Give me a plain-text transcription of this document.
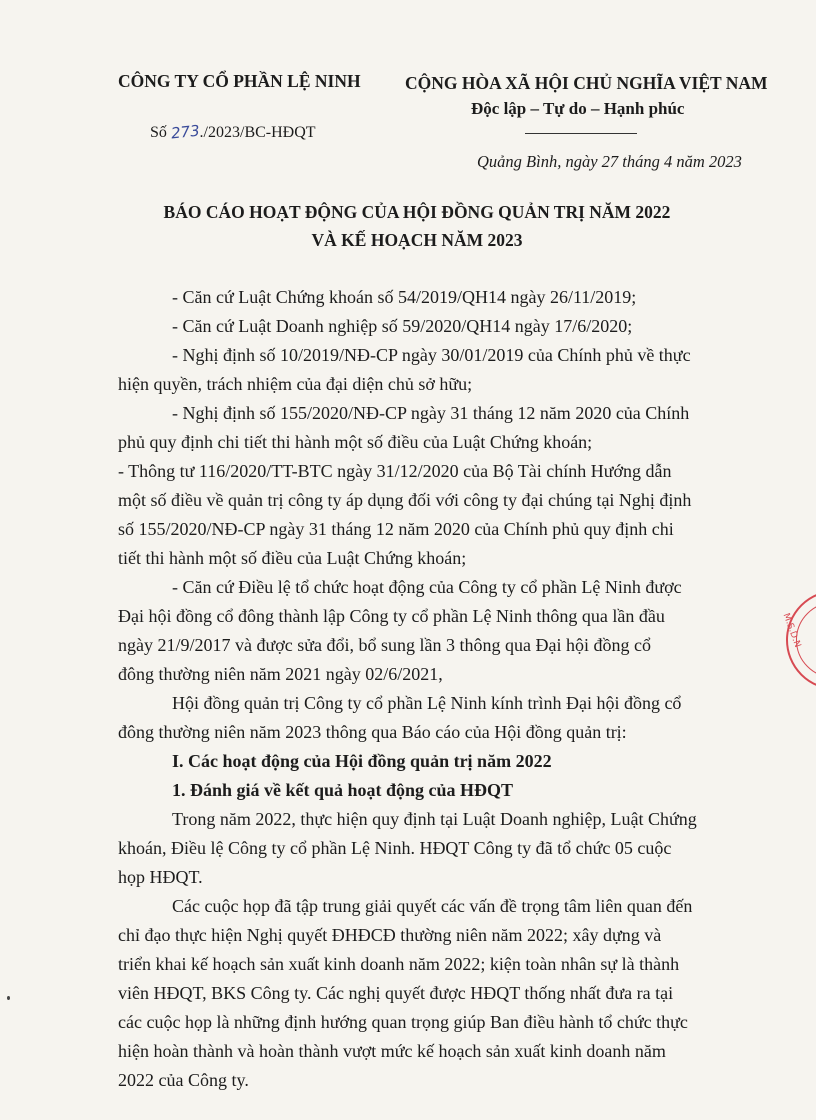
CÔNG TY CỔ PHẦN LỆ NINH	CỘNG HÒA XÃ HỘI CHỦ NGHĨA VIỆT NAM
Độc lập – Tự do – Hạnh phúc
Số 273./2023/BC-HĐQT
Quảng Bình, ngày 27 tháng 4 năm 2023
BÁO CÁO HOẠT ĐỘNG CỦA HỘI ĐỒNG QUẢN TRỊ NĂM 2022
VÀ KẾ HOẠCH NĂM 2023
- Căn cứ Luật Chứng khoán số 54/2019/QH14 ngày 26/11/2019;
- Căn cứ Luật Doanh nghiệp số 59/2020/QH14 ngày 17/6/2020;
- Nghị định số 10/2019/NĐ-CP ngày 30/01/2019 của Chính phủ về thực
hiện quyền, trách nhiệm của đại diện chủ sở hữu;
- Nghị định số 155/2020/NĐ-CP ngày 31 tháng 12 năm 2020 của Chính
phủ quy định chi tiết thi hành một số điều của Luật Chứng khoán;
- Thông tư 116/2020/TT-BTC ngày 31/12/2020 của Bộ Tài chính Hướng dẫn
một số điều về quản trị công ty áp dụng đối với công ty đại chúng tại Nghị định
số 155/2020/NĐ-CP ngày 31 tháng 12 năm 2020 của Chính phủ quy định chi
tiết thi hành một số điều của Luật Chứng khoán;
- Căn cứ Điều lệ tổ chức hoạt động của Công ty cổ phần Lệ Ninh được
Đại hội đồng cổ đông thành lập Công ty cổ phần Lệ Ninh thông qua lần đầu
ngày 21/9/2017 và được sửa đổi, bổ sung lần 3 thông qua Đại hội đồng cổ
đông thường niên năm 2021 ngày 02/6/2021,
Hội đồng quản trị Công ty cổ phần Lệ Ninh kính trình Đại hội đồng cổ
đông thường niên năm 2023 thông qua Báo cáo của Hội đồng quản trị:
I. Các hoạt động của Hội đồng quản trị năm 2022
1. Đánh giá về kết quả hoạt động của HĐQT
Trong năm 2022, thực hiện quy định tại Luật Doanh nghiệp, Luật Chứng
khoán, Điều lệ Công ty cổ phần Lệ Ninh. HĐQT Công ty đã tổ chức 05 cuộc
họp HĐQT.
Các cuộc họp đã tập trung giải quyết các vấn đề trọng tâm liên quan đến
chỉ đạo thực hiện Nghị quyết ĐHĐCĐ thường niên năm 2022; xây dựng và
triển khai kế hoạch sản xuất kinh doanh năm 2022; kiện toàn nhân sự là thành
viên HĐQT, BKS Công ty. Các nghị quyết được HĐQT thống nhất đưa ra tại
các cuộc họp là những định hướng quan trọng giúp Ban điều hành tổ chức thực
hiện hoàn thành và hoàn thành vượt mức kế hoạch sản xuất kinh doanh năm
2022 của Công ty.
M.S.D.N
